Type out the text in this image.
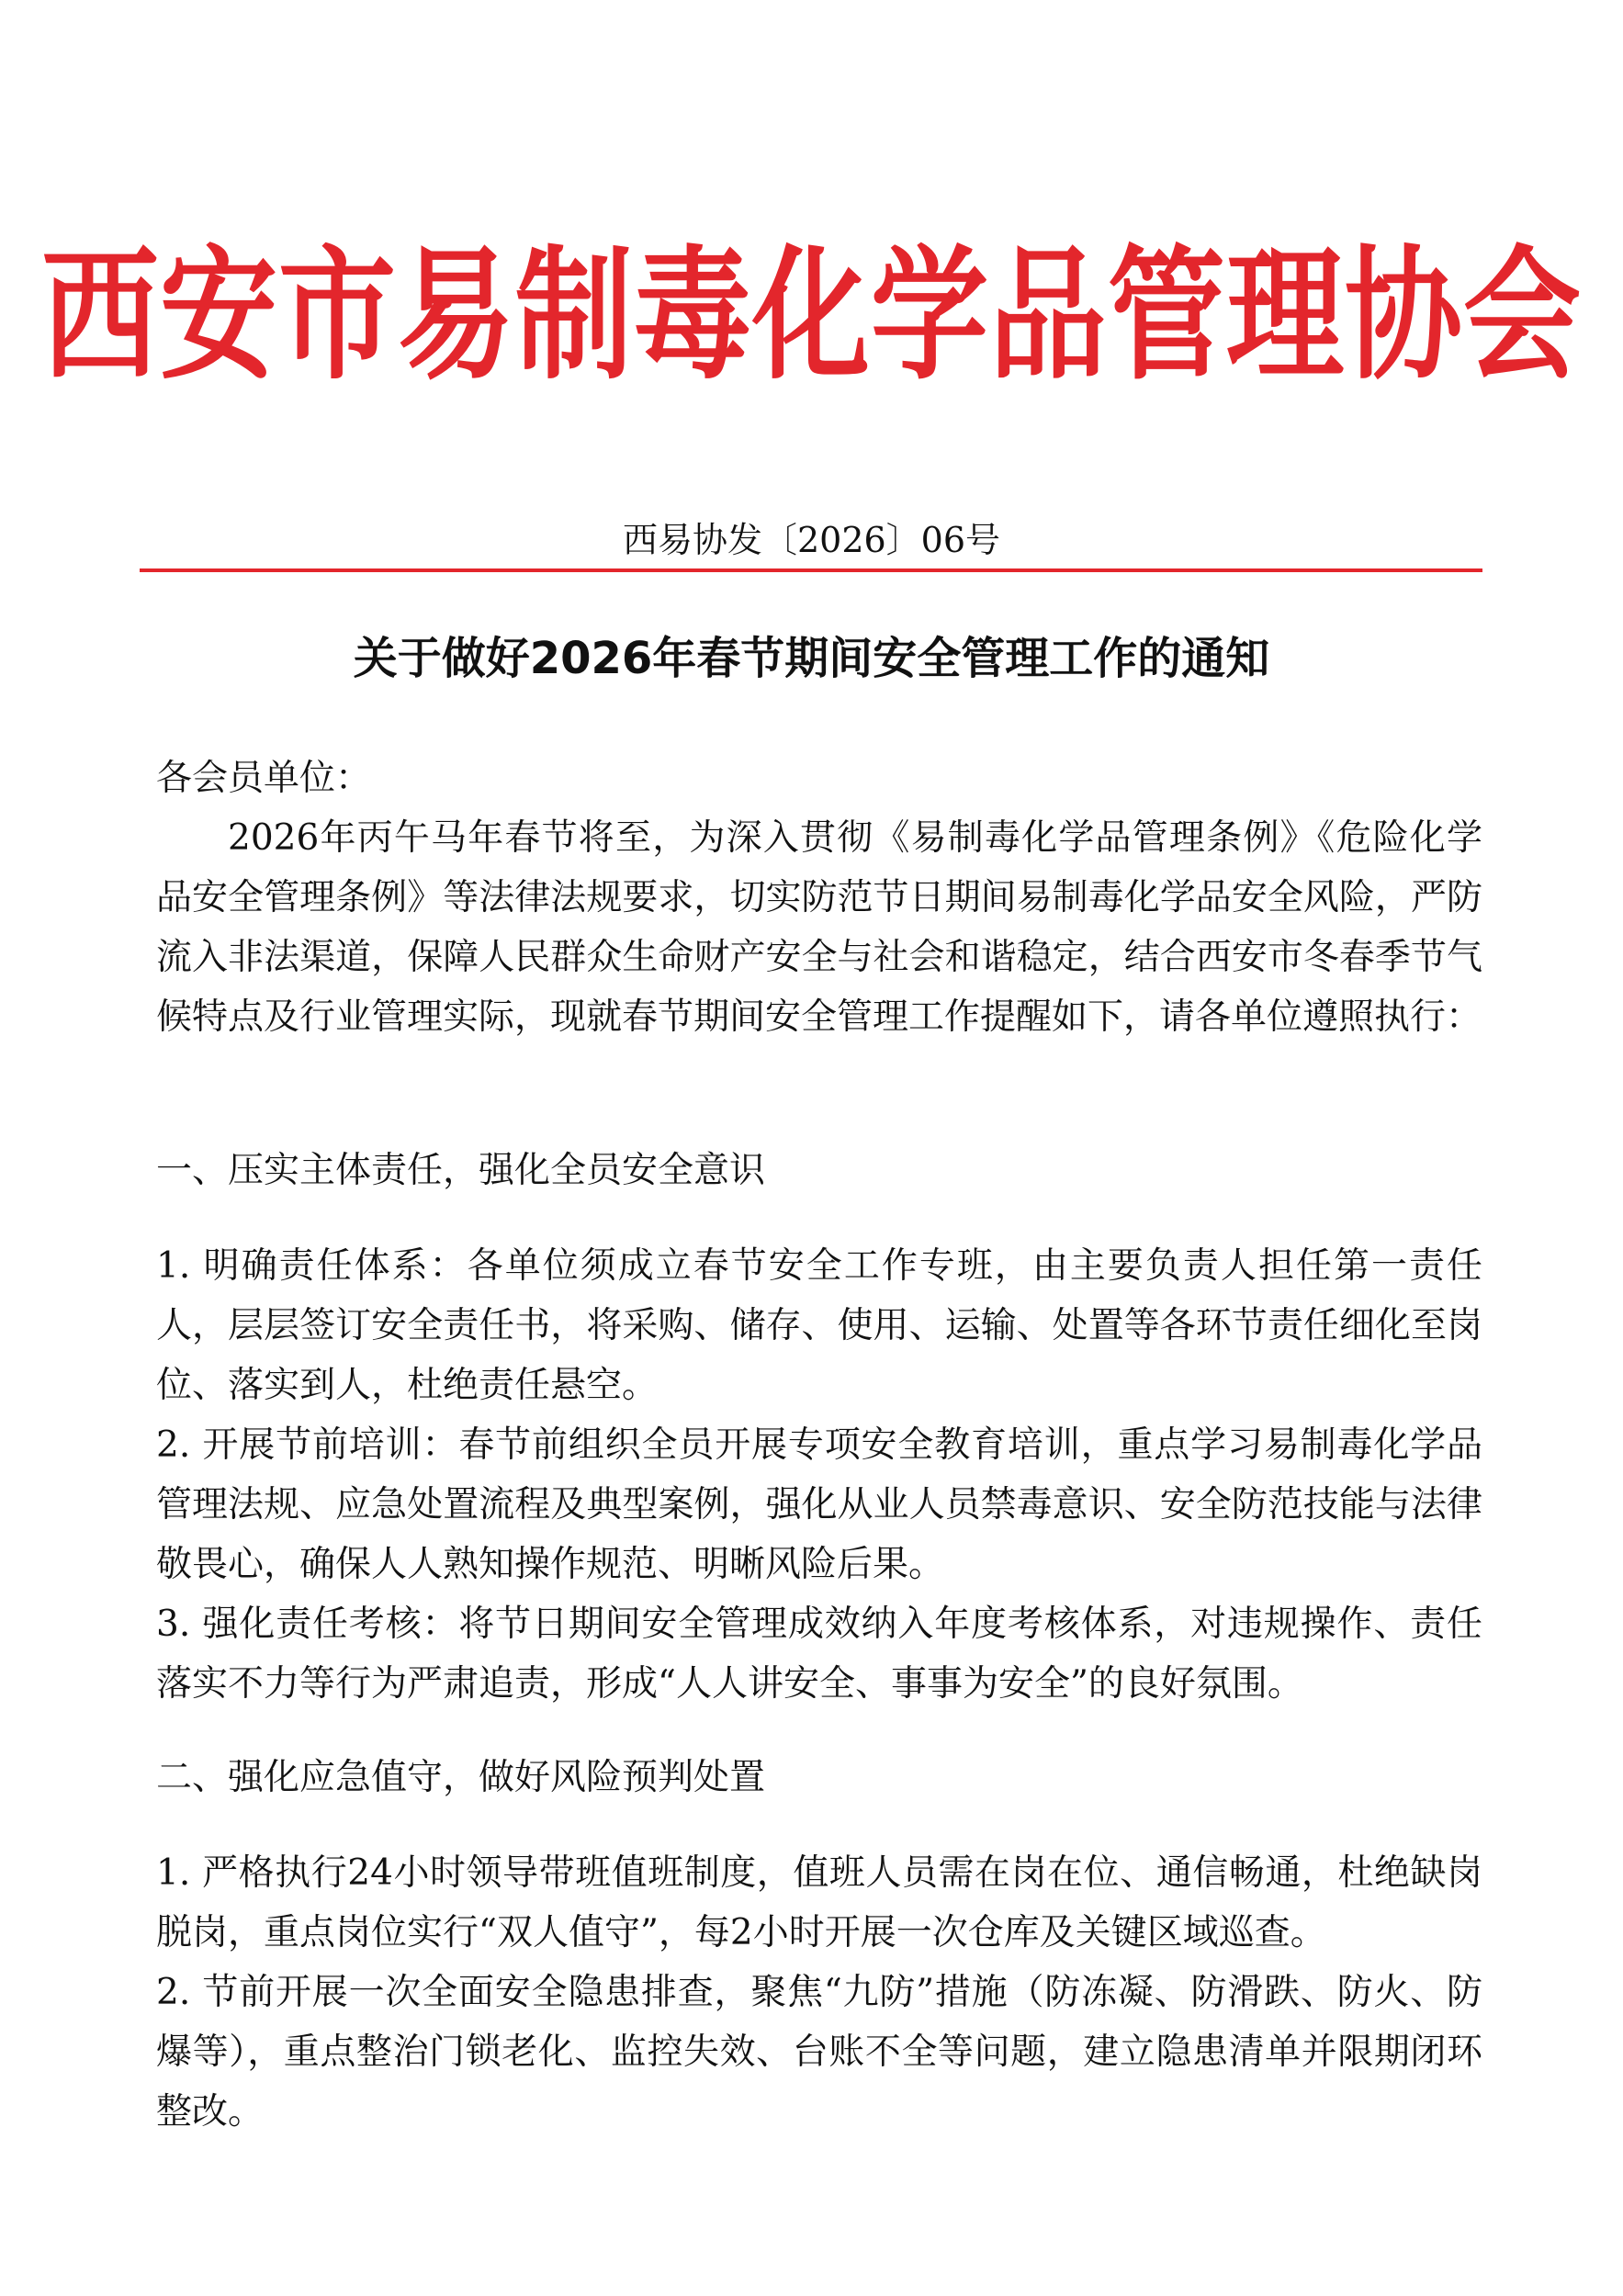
西安市易制毒化学品管理协会
西易协发〔2026〕06号
关于做好2026年春节期间安全管理工作的通知

各会员单位：

2026年丙午马年春节将至，为深入贯彻《易制毒化学品管理条例》《危险化学品安全管理条例》等法律法规要求，切实防范节日期间易制毒化学品安全风险，严防流入非法渠道，保障人民群众生命财产安全与社会和谐稳定，结合西安市冬春季节气候特点及行业管理实际，现就春节期间安全管理工作提醒如下，请各单位遵照执行：

一、压实主体责任，强化全员安全意识

1. 明确责任体系：各单位须成立春节安全工作专班，由主要负责人担任第一责任人，层层签订安全责任书，将采购、储存、使用、运输、处置等各环节责任细化至岗位、落实到人，杜绝责任悬空。

2. 开展节前培训：春节前组织全员开展专项安全教育培训，重点学习易制毒化学品管理法规、应急处置流程及典型案例，强化从业人员禁毒意识、安全防范技能与法律敬畏心，确保人人熟知操作规范、明晰风险后果。

3. 强化责任考核：将节日期间安全管理成效纳入年度考核体系，对违规操作、责任落实不力等行为严肃追责，形成“人人讲安全、事事为安全”的良好氛围。

二、强化应急值守，做好风险预判处置

1. 严格执行24小时领导带班值班制度，值班人员需在岗在位、通信畅通，杜绝缺岗脱岗，重点岗位实行“双人值守”，每2小时开展一次仓库及关键区域巡查。

2. 节前开展一次全面安全隐患排查，聚焦“九防”措施（防冻凝、防滑跌、防火、防爆等），重点整治门锁老化、监控失效、台账不全等问题，建立隐患清单并限期闭环整改。
